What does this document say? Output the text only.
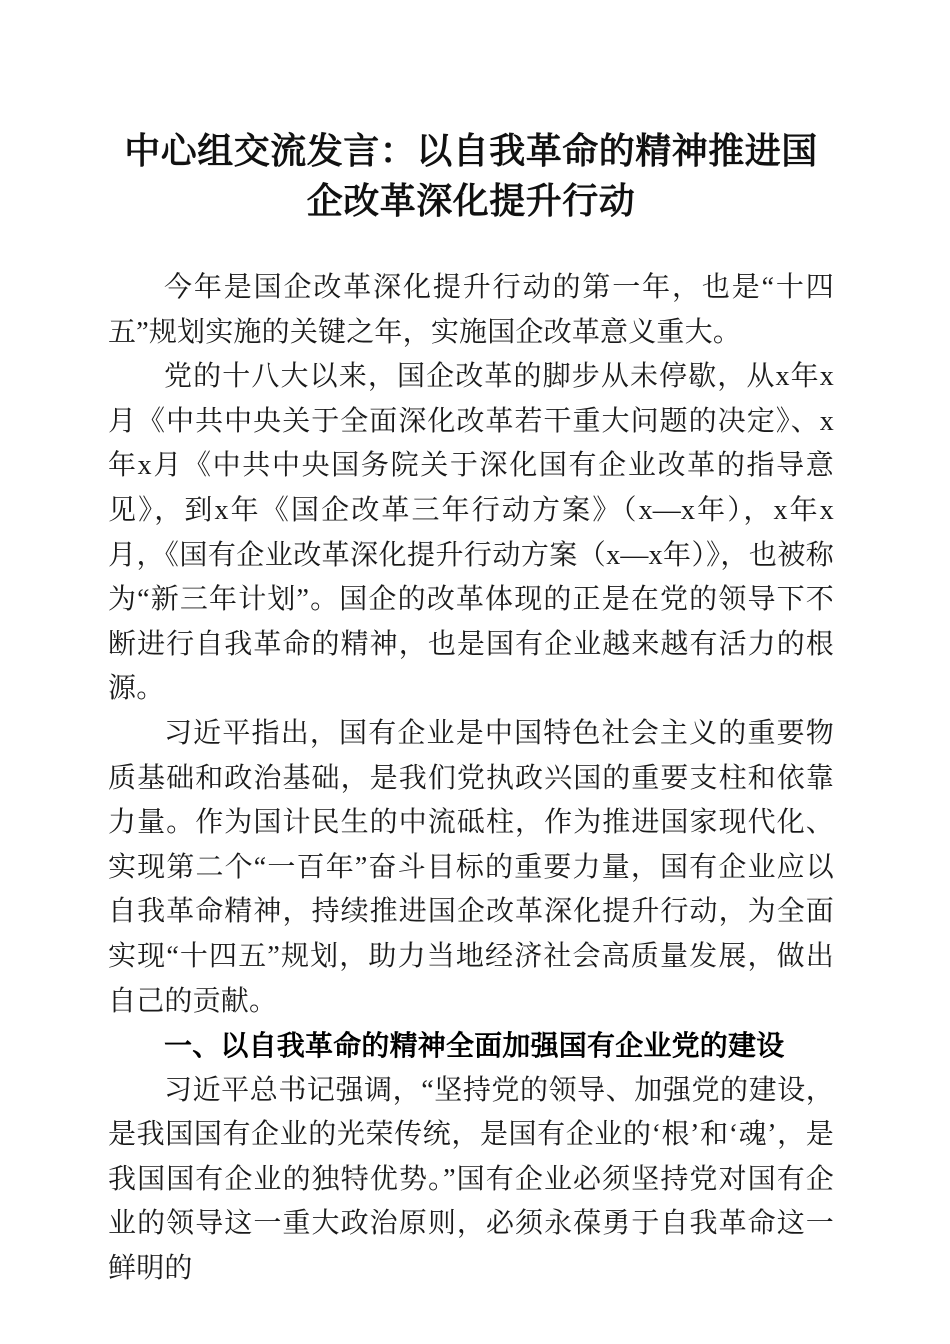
中心组交流发言：以自我革命的精神推进国企改革深化提升行动

今年是国企改革深化提升行动的第一年，也是“十四五”规划实施的关键之年，实施国企改革意义重大。

党的十八大以来，国企改革的脚步从未停歇，从x年x月《中共中央关于全面深化改革若干重大问题的决定》、x年x月《中共中央国务院关于深化国有企业改革的指导意见》，到x年《国企改革三年行动方案》（x—x年），x年x月，《国有企业改革深化提升行动方案（x—x年）》，也被称为“新三年计划”。国企的改革体现的正是在党的领导下不断进行自我革命的精神，也是国有企业越来越有活力的根源。

习近平指出，国有企业是中国特色社会主义的重要物质基础和政治基础，是我们党执政兴国的重要支柱和依靠力量。作为国计民生的中流砥柱，作为推进国家现代化、实现第二个“一百年”奋斗目标的重要力量，国有企业应以自我革命精神，持续推进国企改革深化提升行动，为全面实现“十四五”规划，助力当地经济社会高质量发展，做出自己的贡献。

一、以自我革命的精神全面加强国有企业党的建设

习近平总书记强调，“坚持党的领导、加强党的建设，是我国国有企业的光荣传统，是国有企业的‘根’和‘魂’，是我国国有企业的独特优势。”国有企业必须坚持党对国有企业的领导这一重大政治原则，必须永葆勇于自我革命这一鲜明的
